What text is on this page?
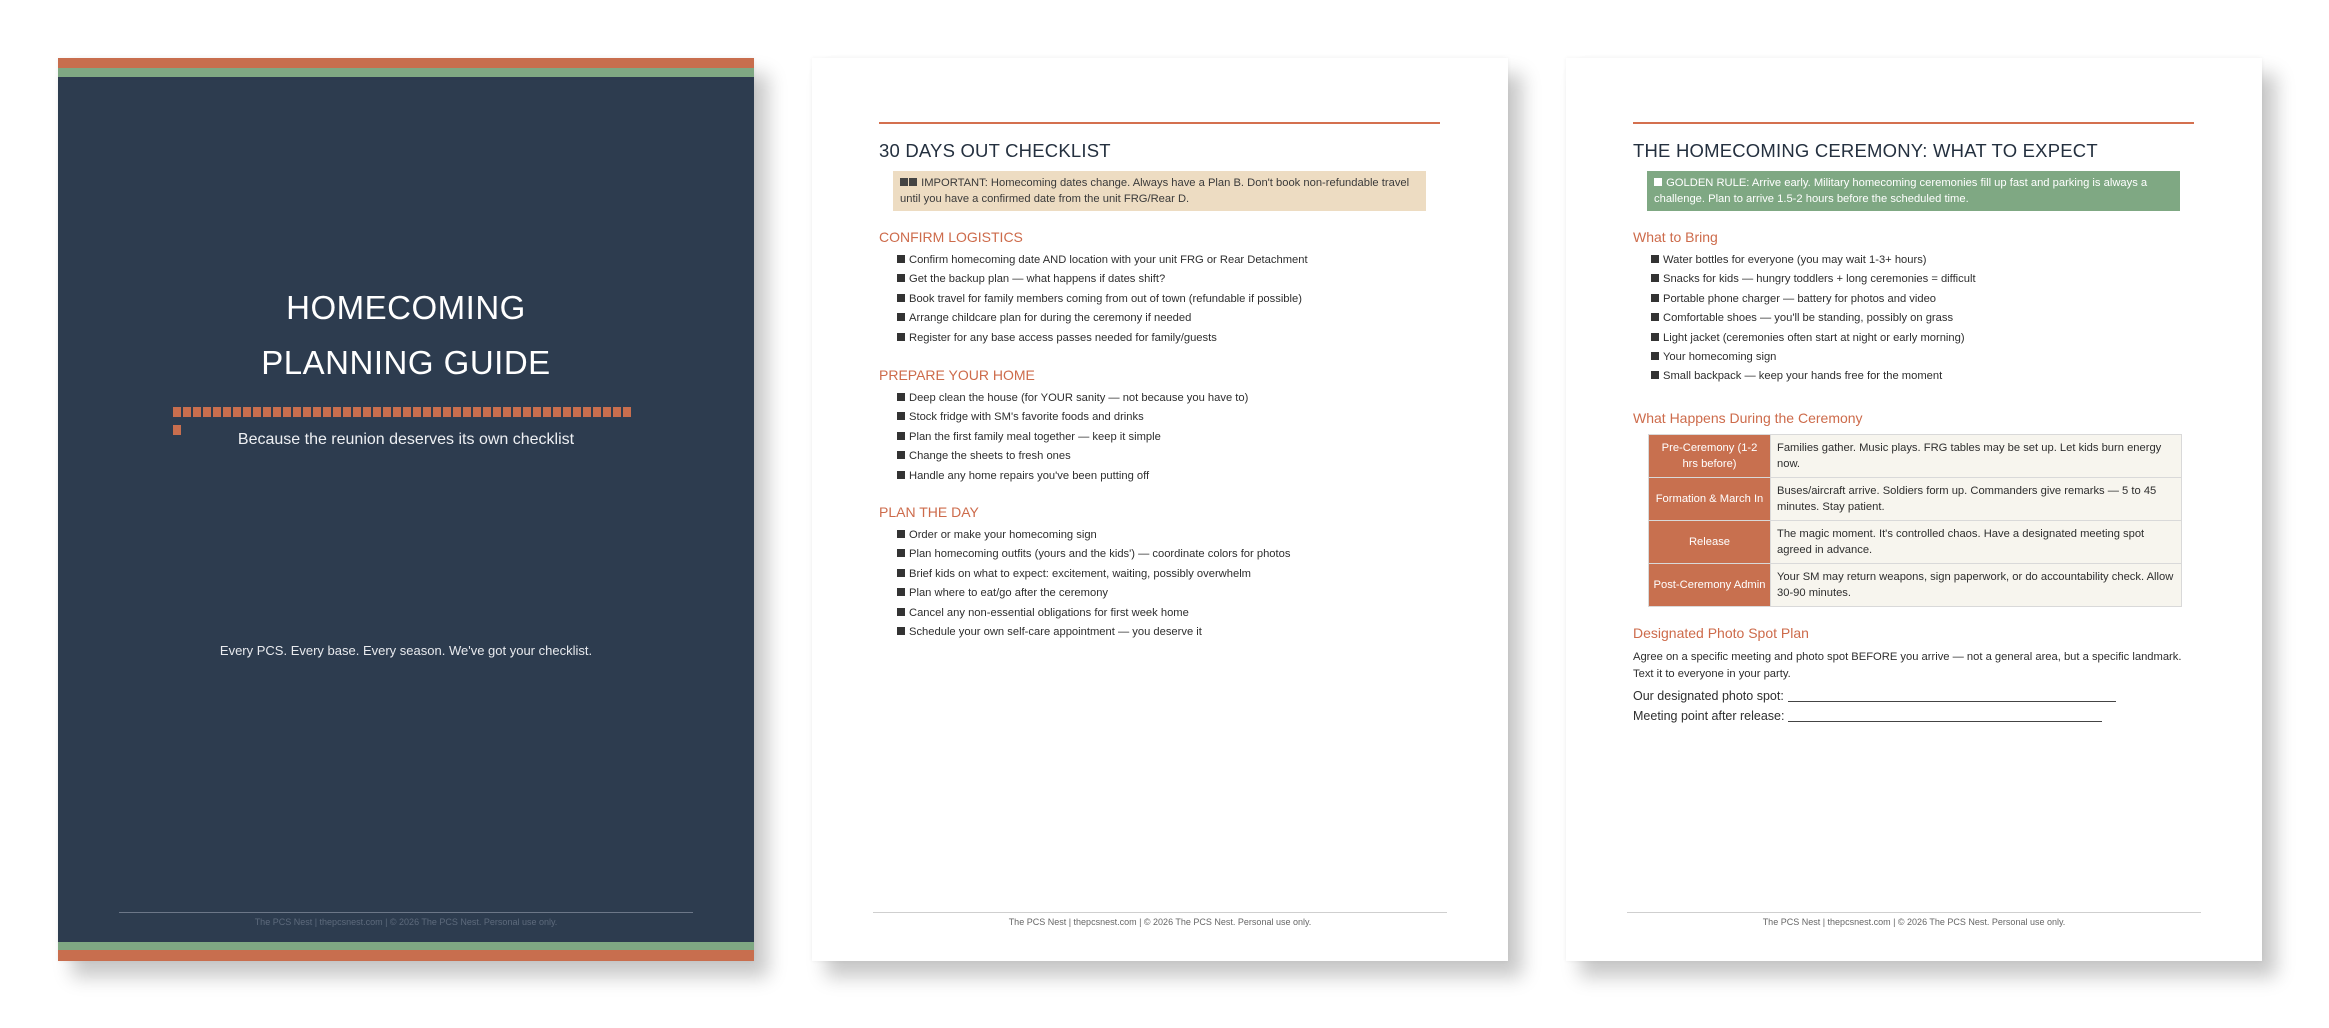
HOMECOMING
PLANNING GUIDE
Because the reunion deserves its own checklist
Every PCS. Every base. Every season. We've got your checklist.
The PCS Nest | thepcsnest.com | © 2026 The PCS Nest. Personal use only.
30 DAYS OUT CHECKLIST
IMPORTANT: Homecoming dates change. Always have a Plan B. Don't book non-refundable travel until you have a confirmed date from the unit FRG/Rear D.
CONFIRM LOGISTICS
Confirm homecoming date AND location with your unit FRG or Rear Detachment
Get the backup plan — what happens if dates shift?
Book travel for family members coming from out of town (refundable if possible)
Arrange childcare plan for during the ceremony if needed
Register for any base access passes needed for family/guests
PREPARE YOUR HOME
Deep clean the house (for YOUR sanity — not because you have to)
Stock fridge with SM's favorite foods and drinks
Plan the first family meal together — keep it simple
Change the sheets to fresh ones
Handle any home repairs you've been putting off
PLAN THE DAY
Order or make your homecoming sign
Plan homecoming outfits (yours and the kids') — coordinate colors for photos
Brief kids on what to expect: excitement, waiting, possibly overwhelm
Plan where to eat/go after the ceremony
Cancel any non-essential obligations for first week home
Schedule your own self-care appointment — you deserve it
The PCS Nest | thepcsnest.com | © 2026 The PCS Nest. Personal use only.
THE HOMECOMING CEREMONY: WHAT TO EXPECT
GOLDEN RULE: Arrive early. Military homecoming ceremonies fill up fast and parking is always a challenge. Plan to arrive 1.5-2 hours before the scheduled time.
What to Bring
Water bottles for everyone (you may wait 1-3+ hours)
Snacks for kids — hungry toddlers + long ceremonies = difficult
Portable phone charger — battery for photos and video
Comfortable shoes — you'll be standing, possibly on grass
Light jacket (ceremonies often start at night or early morning)
Your homecoming sign
Small backpack — keep your hands free for the moment
What Happens During the Ceremony
Pre-Ceremony (1-2 hrs before)	Families gather. Music plays. FRG tables may be set up. Let kids burn energy now.
Formation & March In	Buses/aircraft arrive. Soldiers form up. Commanders give remarks — 5 to 45 minutes. Stay patient.
Release	The magic moment. It's controlled chaos. Have a designated meeting spot agreed in advance.
Post-Ceremony Admin	Your SM may return weapons, sign paperwork, or do accountability check. Allow 30-90 minutes.
Designated Photo Spot Plan
Agree on a specific meeting and photo spot BEFORE you arrive — not a general area, but a specific landmark. Text it to everyone in your party.
Our designated photo spot:
Meeting point after release:
The PCS Nest | thepcsnest.com | © 2026 The PCS Nest. Personal use only.
